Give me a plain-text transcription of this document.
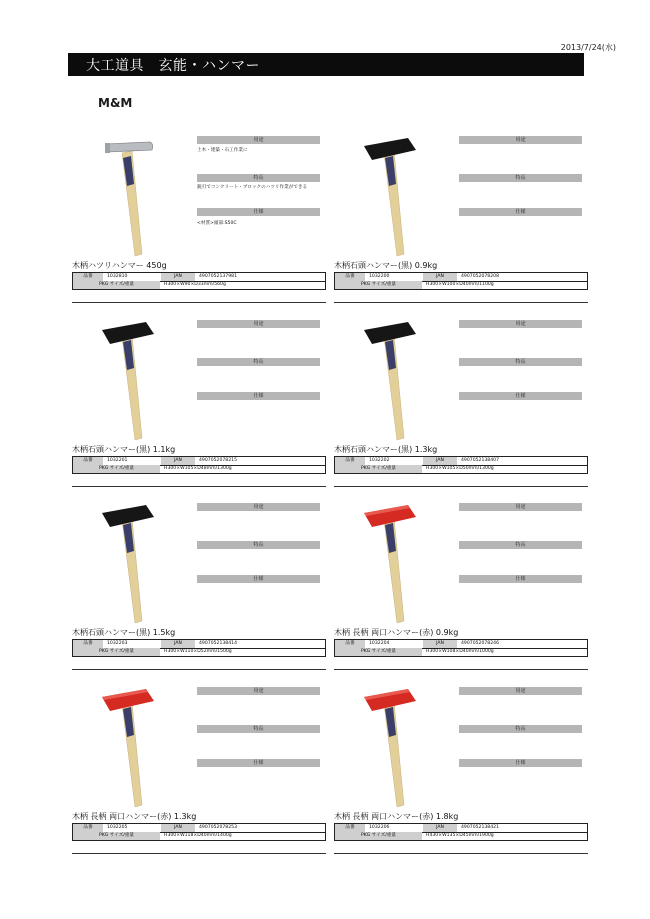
2013/7/24(水)
大工道具　玄能・ハンマー
M&M
用途
土木・建築・石工作業に
特長
鋭刃でコンクリート・ブロックのハツリ作業ができる
仕様
<材質>頭部:S50C
木柄ハツリハンマー 450g
品番	1032810	JAN	4907052137981
PKG サイズ/重量	H300×W90×D33mm/560g
用途
特長
仕様
木柄石頭ハンマー(黒) 0.9kg
品番	1032200	JAN	4907052078208
PKG サイズ/重量	H300×W100×D40mm/1100g
用途
特長
仕様
木柄石頭ハンマー(黒) 1.1kg
品番	1032201	JAN	4907052078215
PKG サイズ/重量	H300×W105×D48mm/1300g
用途
特長
仕様
木柄石頭ハンマー(黒) 1.3kg
品番	1032202	JAN	4907052138407
PKG サイズ/重量	H300×W105×D50mm/1300g
用途
特長
仕様
木柄石頭ハンマー(黒) 1.5kg
品番	1032203	JAN	4907052138414
PKG サイズ/重量	H300×W110×D52mm/1500g
用途
特長
仕様
木柄 長柄 両口ハンマー(赤) 0.9kg
品番	1032204	JAN	4907052078246
PKG サイズ/重量	H300×W108×D40mm/1000g
用途
特長
仕様
木柄 長柄 両口ハンマー(赤) 1.3kg
品番	1032205	JAN	4907052078253
PKG サイズ/重量	H300×W118×D40mm/1400g
用途
特長
仕様
木柄 長柄 両口ハンマー(赤) 1.8kg
品番	1032206	JAN	4907052138421
PKG サイズ/重量	H430×W135×D45mm/1900g
